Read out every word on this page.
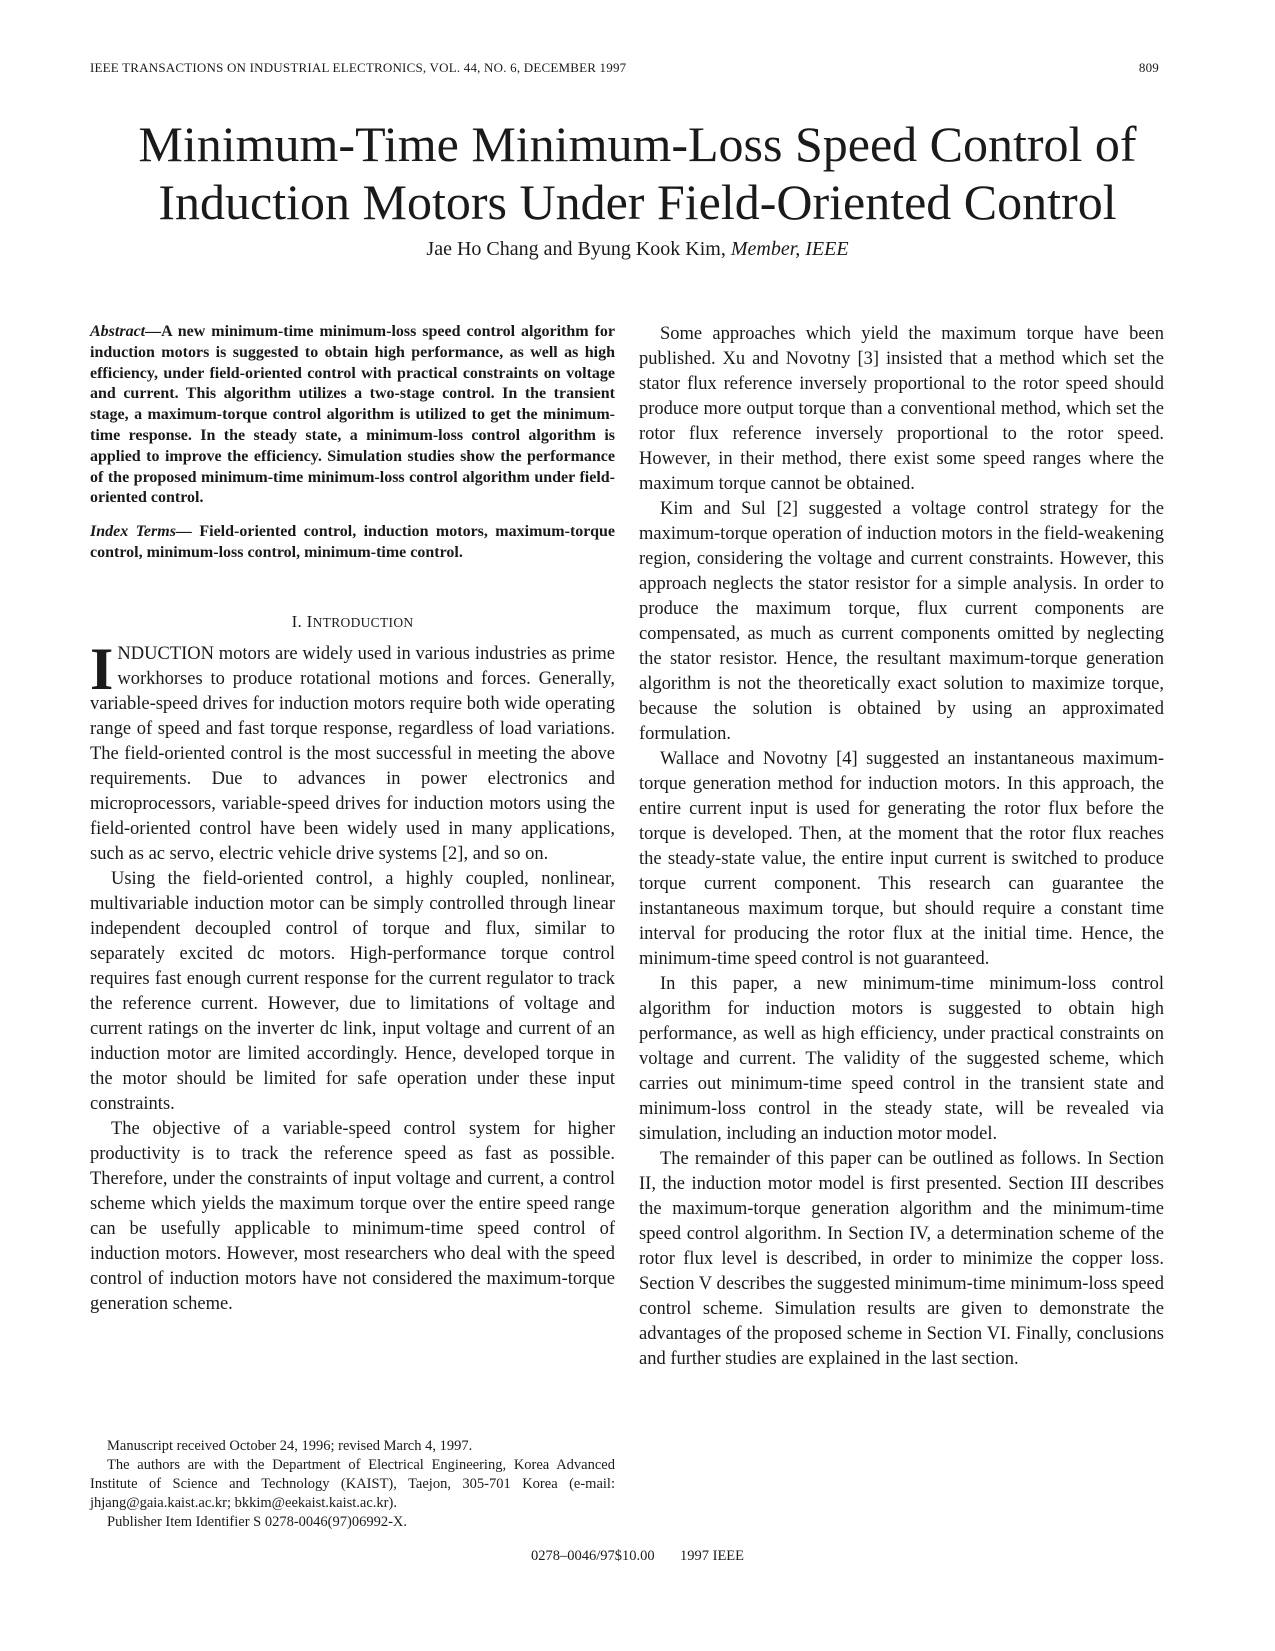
IEEE TRANSACTIONS ON INDUSTRIAL ELECTRONICS, VOL. 44, NO. 6, DECEMBER 1997	809
Minimum-Time Minimum-Loss Speed Control of
Induction Motors Under Field-Oriented Control
Jae Ho Chang and Byung Kook Kim, Member, IEEE

Abstract—A new minimum-time minimum-loss speed control algorithm for induction motors is suggested to obtain high performance, as well as high efficiency, under field-oriented control with practical constraints on voltage and current. This algorithm utilizes a two-stage control. In the transient stage, a maximum-torque control algorithm is utilized to get the minimum-time response. In the steady state, a minimum-loss control algorithm is applied to improve the efficiency. Simulation studies show the performance of the proposed minimum-time minimum-loss control algorithm under field-oriented control.

Index Terms— Field-oriented control, induction motors, maximum-torque control, minimum-loss control, minimum-time control.

I. INTRODUCTION

INDUCTION motors are widely used in various industries as prime workhorses to produce rotational motions and forces. Generally, variable-speed drives for induction motors require both wide operating range of speed and fast torque response, regardless of load variations. The field-oriented control is the most successful in meeting the above requirements. Due to advances in power electronics and microprocessors, variable-speed drives for induction motors using the field-oriented control have been widely used in many applications, such as ac servo, electric vehicle drive systems [2], and so on.

Using the field-oriented control, a highly coupled, nonlinear, multivariable induction motor can be simply controlled through linear independent decoupled control of torque and flux, similar to separately excited dc motors. High-performance torque control requires fast enough current response for the current regulator to track the reference current. However, due to limitations of voltage and current ratings on the inverter dc link, input voltage and current of an induction motor are limited accordingly. Hence, developed torque in the motor should be limited for safe operation under these input constraints.

The objective of a variable-speed control system for higher productivity is to track the reference speed as fast as possible. Therefore, under the constraints of input voltage and current, a control scheme which yields the maximum torque over the entire speed range can be usefully applicable to minimum-time speed control of induction motors. However, most researchers who deal with the speed control of induction motors have not considered the maximum-torque generation scheme.

Some approaches which yield the maximum torque have been published. Xu and Novotny [3] insisted that a method which set the stator flux reference inversely proportional to the rotor speed should produce more output torque than a conventional method, which set the rotor flux reference inversely proportional to the rotor speed. However, in their method, there exist some speed ranges where the maximum torque cannot be obtained.

Kim and Sul [2] suggested a voltage control strategy for the maximum-torque operation of induction motors in the field-weakening region, considering the voltage and current constraints. However, this approach neglects the stator resistor for a simple analysis. In order to produce the maximum torque, flux current components are compensated, as much as current components omitted by neglecting the stator resistor. Hence, the resultant maximum-torque generation algorithm is not the theoretically exact solution to maximize torque, because the solution is obtained by using an approximated formulation.

Wallace and Novotny [4] suggested an instantaneous maximum-torque generation method for induction motors. In this approach, the entire current input is used for generating the rotor flux before the torque is developed. Then, at the moment that the rotor flux reaches the steady-state value, the entire input current is switched to produce torque current component. This research can guarantee the instantaneous maximum torque, but should require a constant time interval for producing the rotor flux at the initial time. Hence, the minimum-time speed control is not guaranteed.

In this paper, a new minimum-time minimum-loss control algorithm for induction motors is suggested to obtain high performance, as well as high efficiency, under practical constraints on voltage and current. The validity of the suggested scheme, which carries out minimum-time speed control in the transient state and minimum-loss control in the steady state, will be revealed via simulation, including an induction motor model.

The remainder of this paper can be outlined as follows. In Section II, the induction motor model is first presented. Section III describes the maximum-torque generation algorithm and the minimum-time speed control algorithm. In Section IV, a determination scheme of the rotor flux level is described, in order to minimize the copper loss. Section V describes the suggested minimum-time minimum-loss speed control scheme. Simulation results are given to demonstrate the advantages of the proposed scheme in Section VI. Finally, conclusions and further studies are explained in the last section.

Manuscript received October 24, 1996; revised March 4, 1997.

The authors are with the Department of Electrical Engineering, Korea Advanced Institute of Science and Technology (KAIST), Taejon, 305-701 Korea (e-mail: jhjang@gaia.kaist.ac.kr; bkkim@eekaist.kaist.ac.kr).

Publisher Item Identifier S 0278-0046(97)06992-X.

0278–0046/97$10.00 1997 IEEE
